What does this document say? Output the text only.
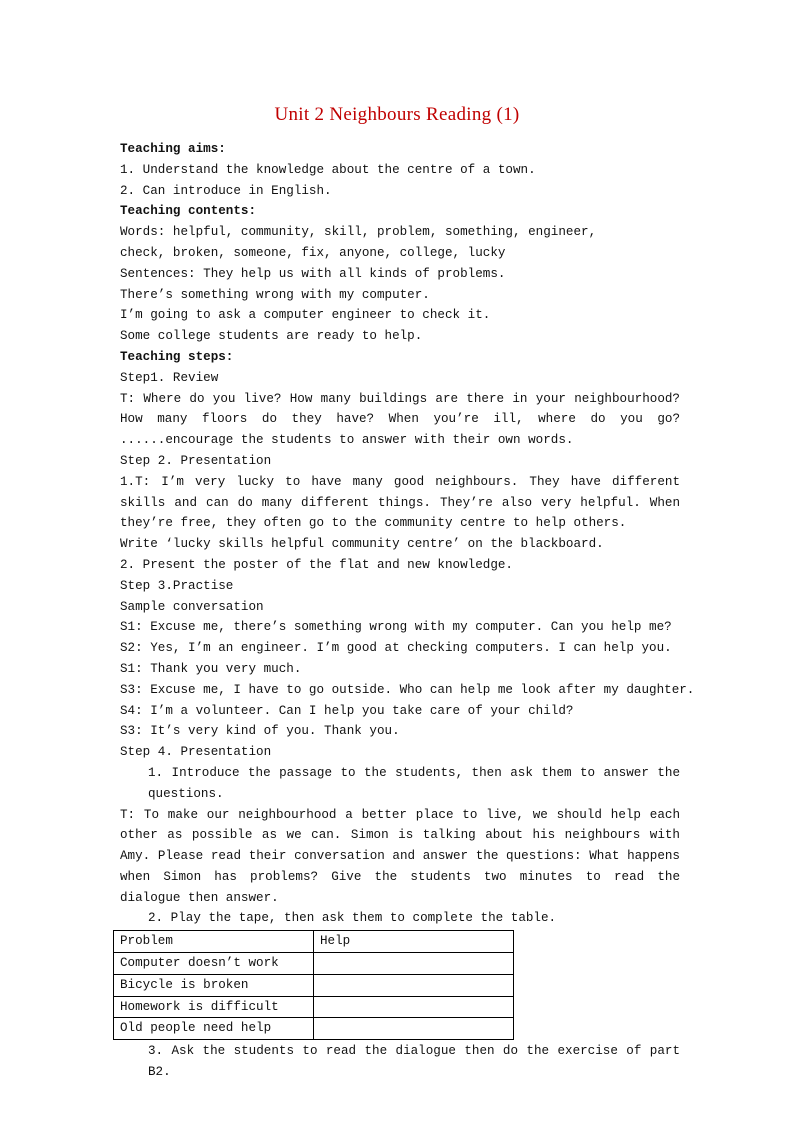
Unit 2 Neighbours Reading (1)

Teaching aims:

1. Understand the knowledge about the centre of a town.

2. Can introduce in English.

Teaching contents:

Words: helpful, community, skill, problem, something, engineer,

check, broken, someone, fix, anyone, college, lucky

Sentences: They help us with all kinds of problems.

There’s something wrong with my computer.

I’m going to ask a computer engineer to check it.

Some college students are ready to help.

Teaching steps:

Step1. Review

T: Where do you live? How many buildings are there in your neighbourhood? How many floors do they have? When you’re ill, where do you go? ......encourage the students to answer with their own words.

Step 2. Presentation

1.T: I’m very lucky to have many good neighbours. They have different skills and can do many different things. They’re also very helpful. When they’re free, they often go to the community centre to help others.

Write ‘lucky skills helpful community centre’ on the blackboard.

2. Present the poster of the flat and new knowledge.

Step 3.Practise

Sample conversation

S1: Excuse me, there’s something wrong with my computer. Can you help me?

S2: Yes, I’m an engineer. I’m good at checking computers. I can help you.

S1: Thank you very much.

S3: Excuse me, I have to go outside. Who can help me look after my daughter.

S4: I’m a volunteer. Can I help you take care of your child?

S3: It’s very kind of you. Thank you.

Step 4. Presentation

1. Introduce the passage to the students, then ask them to answer the questions.

T: To make our neighbourhood a better place to live, we should help each other as possible as we can. Simon is talking about his neighbours with Amy. Please read their conversation and answer the questions: What happens when Simon has problems? Give the students two minutes to read the dialogue then answer.

2. Play the tape, then ask them to complete the table.

Problem	Help
Computer doesn’t work	
Bicycle is broken	
Homework is difficult	
Old people need help	

3. Ask the students to read the dialogue then do the exercise of part B2.
